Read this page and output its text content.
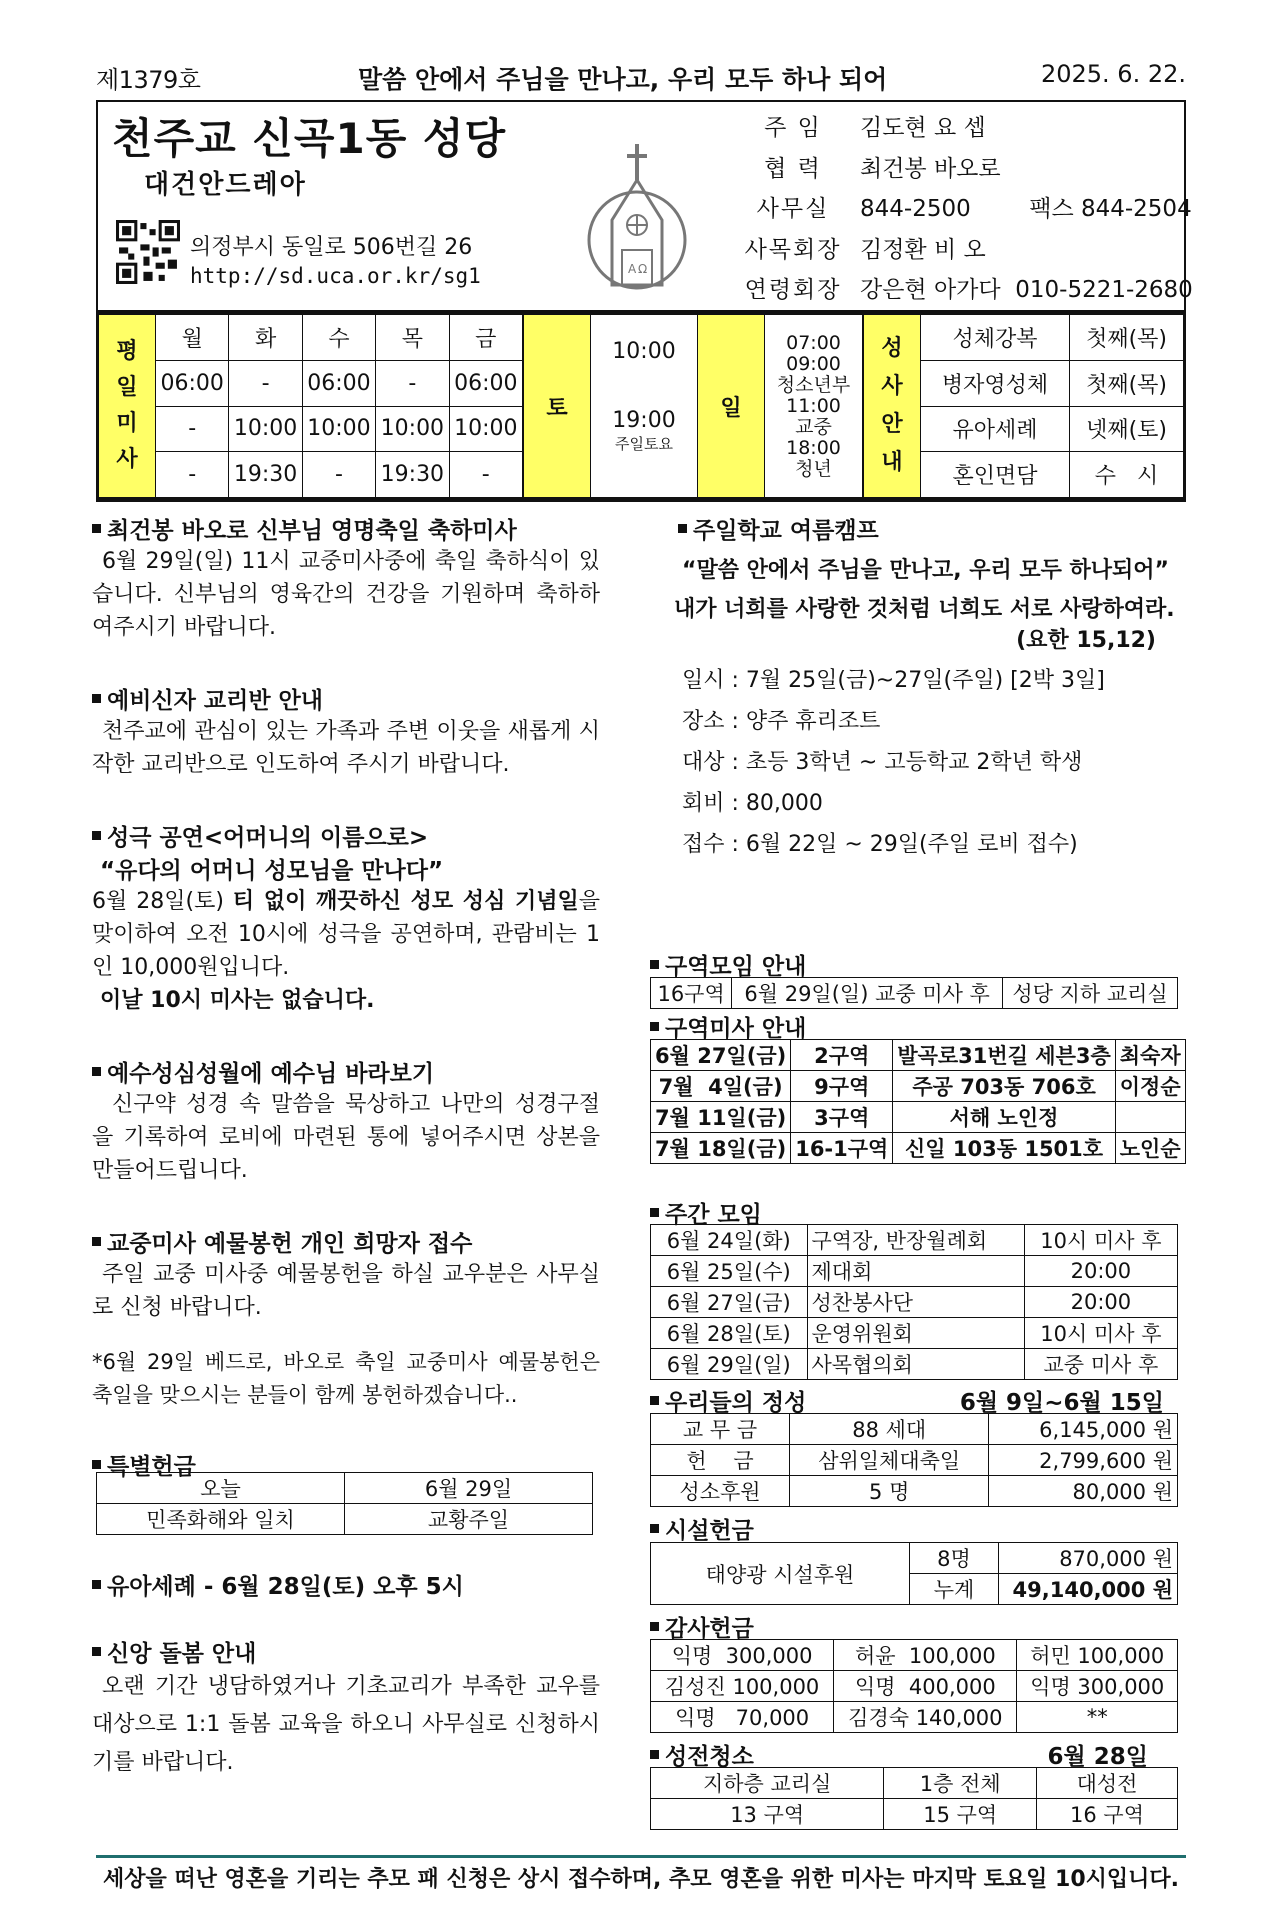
제1379호	말씀 안에서 주님을 만나고, 우리 모두 하나 되어	2025. 6. 22.
천주교 신곡1동 성당
대건안드레아
의정부시 동일로 506번길 26
http://sd.uca.or.kr/sg1	A Ω
주 임	김도현 요 셉
협 력	최건봉 바오로
사무실	844-2500        팩스 844-2504
사목회장 김정환 비 오
연령회장 강은현 아가다  010-5221-2680
평
일
미
사	월	화	수	목	금
	06:00	-	06:00	-	06:00
	-	10:00	10:00	10:00	10:00
	-	19:30	-	19:30	-
토	
10:00
19:00
주일토요
	일	
07:00
09:00
청소년부
11:00
교중
18:00
청년
성
사
안
내	성체강복	첫째(목)
	병자영성체	첫째(목)
	유아세례	넷째(토)
	혼인면담	수   시
최건봉 바오로 신부님 영명축일 축하미사
6월 29일(일) 11시 교중미사중에 축일 축하식이 있습니다. 신부님의 영육간의 건강을 기원하며 축하하여주시기 바랍니다.
예비신자 교리반 안내
천주교에 관심이 있는 가족과 주변 이웃을 새롭게 시작한 교리반으로 인도하여 주시기 바랍니다.
성극 공연<어머니의 이름으로>
“유다의 어머니 성모님을 만나다”
6월 28일(토) 티 없이 깨끗하신 성모 성심 기념일을 맞이하여 오전 10시에 성극을 공연하며, 관람비는 1인 10,000원입니다.
이날 10시 미사는 없습니다.
예수성심성월에 예수님 바라보기
신구약 성경 속 말씀을 묵상하고 나만의 성경구절을 기록하여 로비에 마련된 통에 넣어주시면 상본을 만들어드립니다.
교중미사 예물봉헌 개인 희망자 접수
주일 교중 미사중 예물봉헌을 하실 교우분은 사무실로 신청 바랍니다.
*6월 29일 베드로, 바오로 축일 교중미사 예물봉헌은 축일을 맞으시는 분들이 함께 봉헌하겠습니다..
특별헌금
오늘	6월 29일
민족화해와 일치	교황주일
유아세례 - 6월 28일(토) 오후 5시
신앙 돌봄 안내
오랜 기간 냉담하였거나 기초교리가 부족한 교우를 대상으로 1:1 돌봄 교육을 하오니 사무실로 신청하시기를 바랍니다.
주일학교 여름캠프
“말씀 안에서 주님을 만나고, 우리 모두 하나되어”
내가 너희를 사랑한 것처럼 너희도 서로 사랑하여라.
(요한 15,12)
일시 : 7월 25일(금)~27일(주일) [2박 3일]
장소 : 양주 휴리조트
대상 : 초등 3학년 ~ 고등학교 2학년 학생
회비 : 80,000
접수 : 6월 22일 ~ 29일(주일 로비 접수)
구역모임 안내
16구역	6월 29일(일) 교중 미사 후	성당 지하 교리실
구역미사 안내
6월 27일(금)	2구역	발곡로31번길 세븐3층	최숙자
7월  4일(금)	9구역	주공 703동 706호	이정순
7월 11일(금)	3구역	서해 노인정	
7월 18일(금)	16-1구역	신일 103동 1501호	노인순
주간 모임
6월 24일(화)	구역장, 반장월례회	10시 미사 후
6월 25일(수)	제대회	20:00
6월 27일(금)	성찬봉사단	20:00
6월 28일(토)	운영위원회	10시 미사 후
6월 29일(일)	사목협의회	교중 미사 후
우리들의 정성	6월 9일~6월 15일
교 무 금	88 세대	6,145,000 원
헌    금	삼위일체대축일	2,799,600 원
성소후원	5 명	80,000 원
시설헌금
태양광 시설후원	8명	870,000 원
	누계	49,140,000 원
감사헌금
익명  300,000	허윤  100,000	허민 100,000
김성진 100,000	익명  400,000	익명 300,000
익명   70,000	김경숙 140,000	**
성전청소	6월 28일
지하층 교리실	1층 전체	대성전
13 구역	15 구역	16 구역
세상을 떠난 영혼을 기리는 추모 패 신청은 상시 접수하며, 추모 영혼을 위한 미사는 마지막 토요일 10시입니다.
